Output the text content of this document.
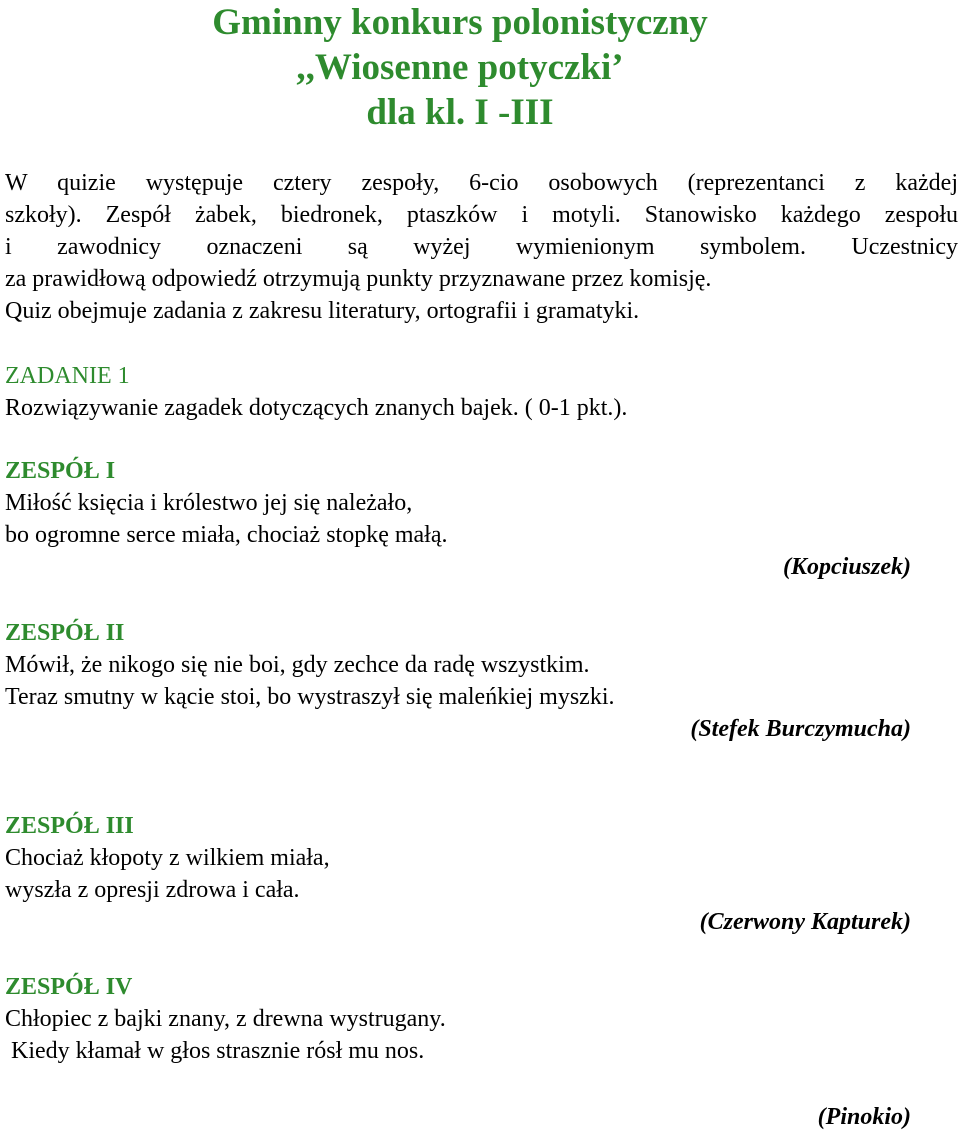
Gminny konkurs polonistyczny
,,Wiosenne potyczki’
dla kl. I -III
W quizie występuje cztery zespoły, 6-cio osobowych (reprezentanci z każdej
szkoły). Zespół żabek, biedronek, ptaszków i motyli. Stanowisko każdego zespołu
i zawodnicy oznaczeni są wyżej wymienionym symbolem. Uczestnicy
za prawidłową odpowiedź otrzymują punkty przyznawane przez komisję.
Quiz obejmuje zadania z zakresu literatury, ortografii i gramatyki.
ZADANIE 1
Rozwiązywanie zagadek dotyczących znanych bajek. ( 0-1 pkt.).
ZESPÓŁ I
Miłość księcia i królestwo jej się należało,
bo ogromne serce miała, chociaż stopkę małą.
(Kopciuszek)
ZESPÓŁ II
Mówił, że nikogo się nie boi, gdy zechce da radę wszystkim.
Teraz smutny w kącie stoi, bo wystraszył się maleńkiej myszki.
(Stefek Burczymucha)
ZESPÓŁ III
Chociaż kłopoty z wilkiem miała,
wyszła z opresji zdrowa i cała.
(Czerwony Kapturek)
ZESPÓŁ IV
Chłopiec z bajki znany, z drewna wystrugany.
Kiedy kłamał w głos strasznie rósł mu nos.
(Pinokio)
